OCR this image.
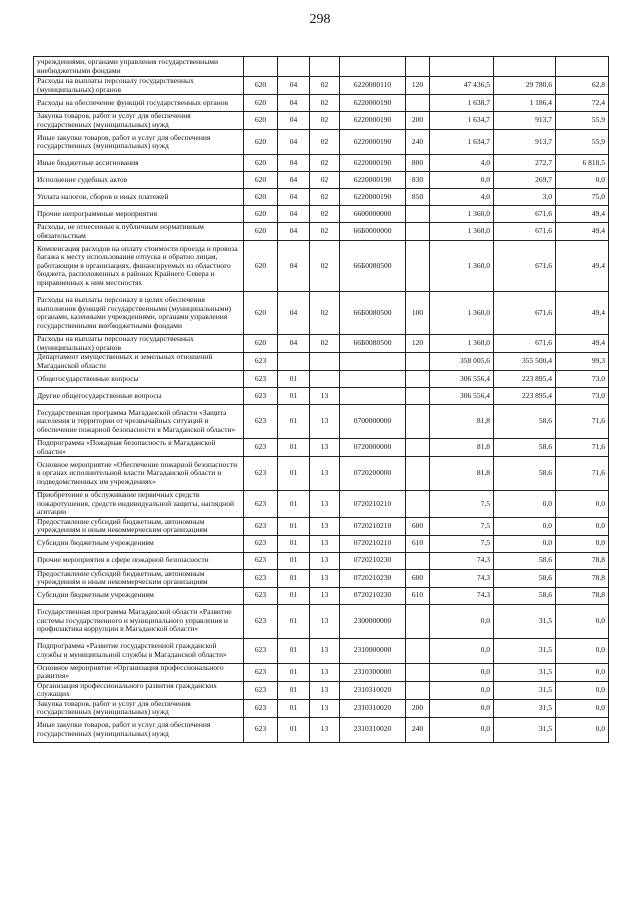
298
учреждениями, органами управления государственными внебюджетными фондами								
Расходы на выплаты персоналу государственных (муниципальных) органов	620	04	02	6220000110	120	47 436,5	29 780,6	62,8
Расходы на обеспечение функций государственных органов	620	04	02	6220000190		1 638,7	1 186,4	72,4
Закупка товаров, работ и услуг для обеспечения государственных (муниципальных) нужд	620	04	02	6220000190	200	1 634,7	913,7	55,9
Иные закупки товаров, работ и услуг для обеспечения государственных (муниципальных) нужд	620	04	02	6220000190	240	1 634,7	913,7	55,9
Иные бюджетные ассигнования	620	04	02	6220000190	800	4,0	272,7	6 818,5
Исполнение судебных актов	620	04	02	6220000190	830	0,0	269,7	0,0
Уплата налогов, сборов и иных платежей	620	04	02	6220000190	850	4,0	3,0	75,0
Прочие непрограммные мероприятия	620	04	02	6600000000		1 360,0	671,6	49,4
Расходы, не отнесенные к публичным нормативным обязательствам	620	04	02	66Б0000000		1 360,0	671,6	49,4
Компенсация расходов на оплату стоимости проезда и провоза багажа к месту использования отпуска и обратно лицам, работающим в организациях, финансируемых из областного бюджета, расположенных в районах Крайнего Севера и приравненных к ним местностях	620	04	02	66Б0080500		1 360,0	671,6	49,4
Расходы на выплаты персоналу в целях обеспечения выполнения функций государственными (муниципальными) органами, казенными учреждениями, органами управления государственными внебюджетными фондами	620	04	02	66Б0080500	100	1 360,0	671,6	49,4
Расходы на выплаты персоналу государственных (муниципальных) органов	620	04	02	66Б0080500	120	1 360,0	671,6	49,4
Департамент имущественных и земельных отношений Магаданской области	623					358 005,6	355 500,4	99,3
Общегосударственные вопросы	623	01				306 556,4	223 895,4	73,0
Другие общегосударственные вопросы	623	01	13			306 556,4	223 895,4	73,0
Государственная программа Магаданской области «Защита населения и территории от чрезвычайных ситуаций и обеспечение пожарной безопасности в Магаданской области»	623	01	13	0700000000		81,8	58,6	71,6
Подпрограмма «Пожарная безопасность в Магаданской области»	623	01	13	0720000000		81,8	58,6	71,6
Основное мероприятие «Обеспечение пожарной безопасности в органах исполнительной власти Магаданской области и подведомственных им учреждениях»	623	01	13	0720200000		81,8	58,6	71,6
Приобретение и обслуживание первичных средств пожаротушения, средств индивидуальной защиты, наглядной агитации	623	01	13	0720210210		7,5	0,0	0,0
Предоставление субсидий бюджетным, автономным учреждениям и иным некоммерческим организациям	623	01	13	0720210210	600	7,5	0,0	0,0
Субсидии бюджетным учреждениям	623	01	13	0720210210	610	7,5	0,0	0,0
Прочие мероприятия в сфере пожарной безопасности	623	01	13	0720210230		74,3	58,6	78,8
Предоставление субсидий бюджетным, автономным учреждениям и иным некоммерческим организациям	623	01	13	0720210230	600	74,3	58,6	78,8
Субсидии бюджетным учреждениям	623	01	13	0720210230	610	74,3	58,6	78,8
Государственная программа Магаданской области «Развитие системы государственного и муниципального управления и профилактика коррупции в Магаданской области»	623	01	13	2300000000		0,0	31,5	0,0
Подпрограмма «Развитие государственной гражданской службы и муниципальной службы в Магаданской области»	623	01	13	2310000000		0,0	31,5	0,0
Основное мероприятие «Организация профессионального развития»	623	01	13	2310300000		0,0	31,5	0,0
Организация профессионального развития гражданских служащих	623	01	13	2310310020		0,0	31,5	0,0
Закупка товаров, работ и услуг для обеспечения государственных (муниципальных) нужд	623	01	13	2310310020	200	0,0	31,5	0,0
Иные закупки товаров, работ и услуг для обеспечения государственных (муниципальных) нужд	623	01	13	2310310020	240	0,0	31,5	0,0
